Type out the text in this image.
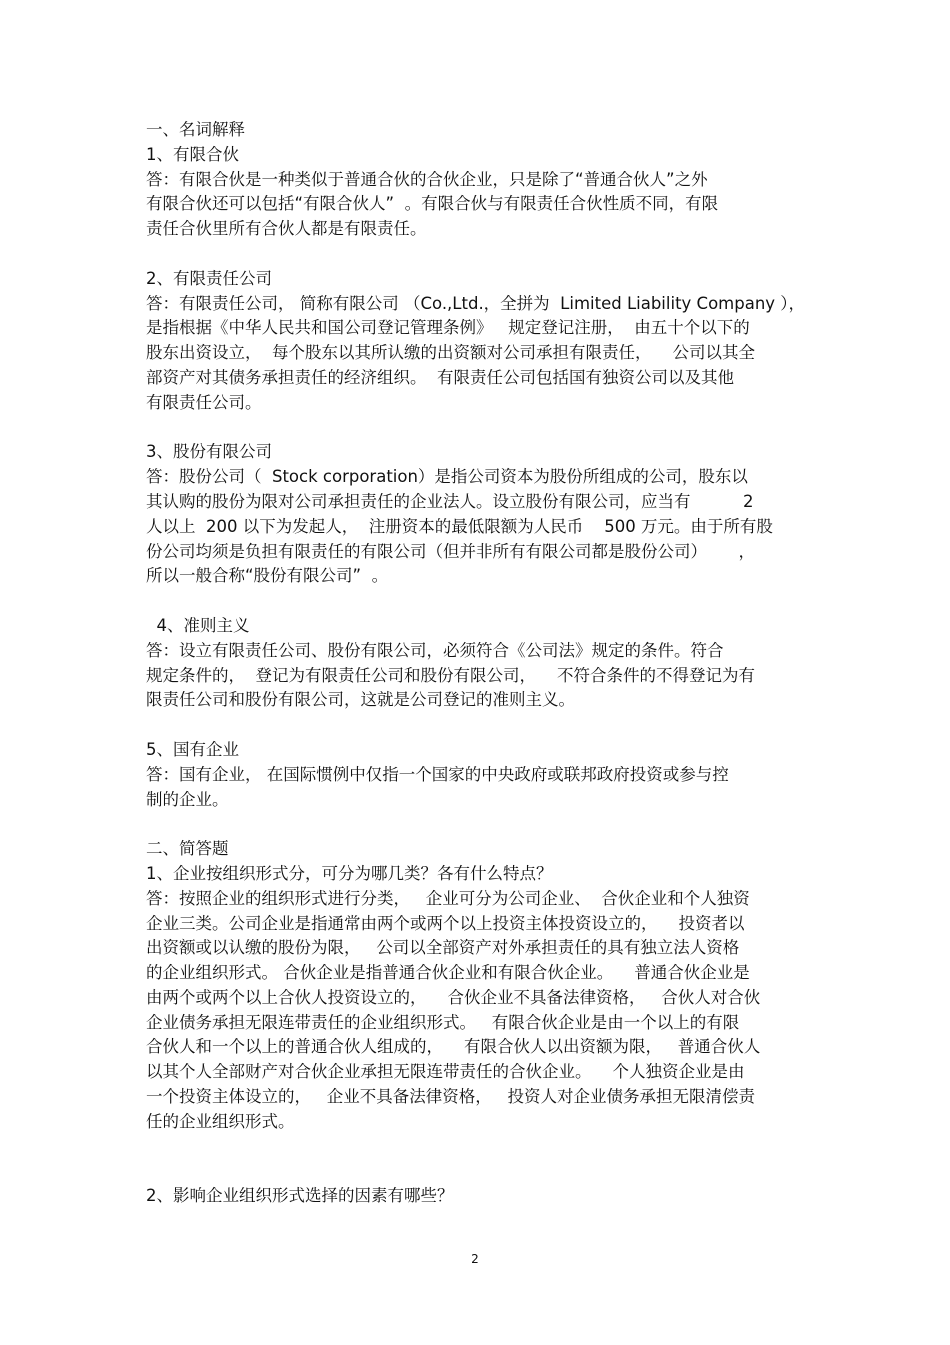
一、名词解释
1、有限合伙
答：有限合伙是一种类似于普通合伙的合伙企业，只是除了“普通合伙人”之外
有限合伙还可以包括“有限合伙人”  。有限合伙与有限责任合伙性质不同，有限
责任合伙里所有合伙人都是有限责任。
2、有限责任公司
答：有限责任公司， 简称有限公司 （Co.,Ltd.，全拼为  Limited Liability Company ），
是指根据《中华人民共和国公司登记管理条例》   规定登记注册，  由五十个以下的
股东出资设立，  每个股东以其所认缴的出资额对公司承担有限责任，    公司以其全
部资产对其债务承担责任的经济组织。  有限责任公司包括国有独资公司以及其他
有限责任公司。
3、股份有限公司
答：股份公司（  Stock corporation）是指公司资本为股份所组成的公司，股东以
其认购的股份为限对公司承担责任的企业法人。设立股份有限公司，应当有          2
人以上  200 以下为发起人，  注册资本的最低限额为人民币    500 万元。由于所有股
份公司均须是负担有限责任的有限公司（但并非所有有限公司都是股份公司）      ，
所以一般合称“股份有限公司”  。
4、准则主义
答：设立有限责任公司、股份有限公司，必须符合《公司法》规定的条件。符合
规定条件的，  登记为有限责任公司和股份有限公司，    不符合条件的不得登记为有
限责任公司和股份有限公司，这就是公司登记的准则主义。
5、国有企业
答：国有企业， 在国际惯例中仅指一个国家的中央政府或联邦政府投资或参与控
制的企业。
二、简答题
1、企业按组织形式分，可分为哪几类？各有什么特点？
答：按照企业的组织形式进行分类，   企业可分为公司企业、  合伙企业和个人独资
企业三类。公司企业是指通常由两个或两个以上投资主体投资设立的，    投资者以
出资额或以认缴的股份为限，   公司以全部资产对外承担责任的具有独立法人资格
的企业组织形式。 合伙企业是指普通合伙企业和有限合伙企业。    普通合伙企业是
由两个或两个以上合伙人投资设立的，    合伙企业不具备法律资格，   合伙人对合伙
企业债务承担无限连带责任的企业组织形式。   有限合伙企业是由一个以上的有限
合伙人和一个以上的普通合伙人组成的，    有限合伙人以出资额为限，   普通合伙人
以其个人全部财产对合伙企业承担无限连带责任的合伙企业。    个人独资企业是由
一个投资主体设立的，   企业不具备法律资格，   投资人对企业债务承担无限清偿责
任的企业组织形式。
2、影响企业组织形式选择的因素有哪些？
2
